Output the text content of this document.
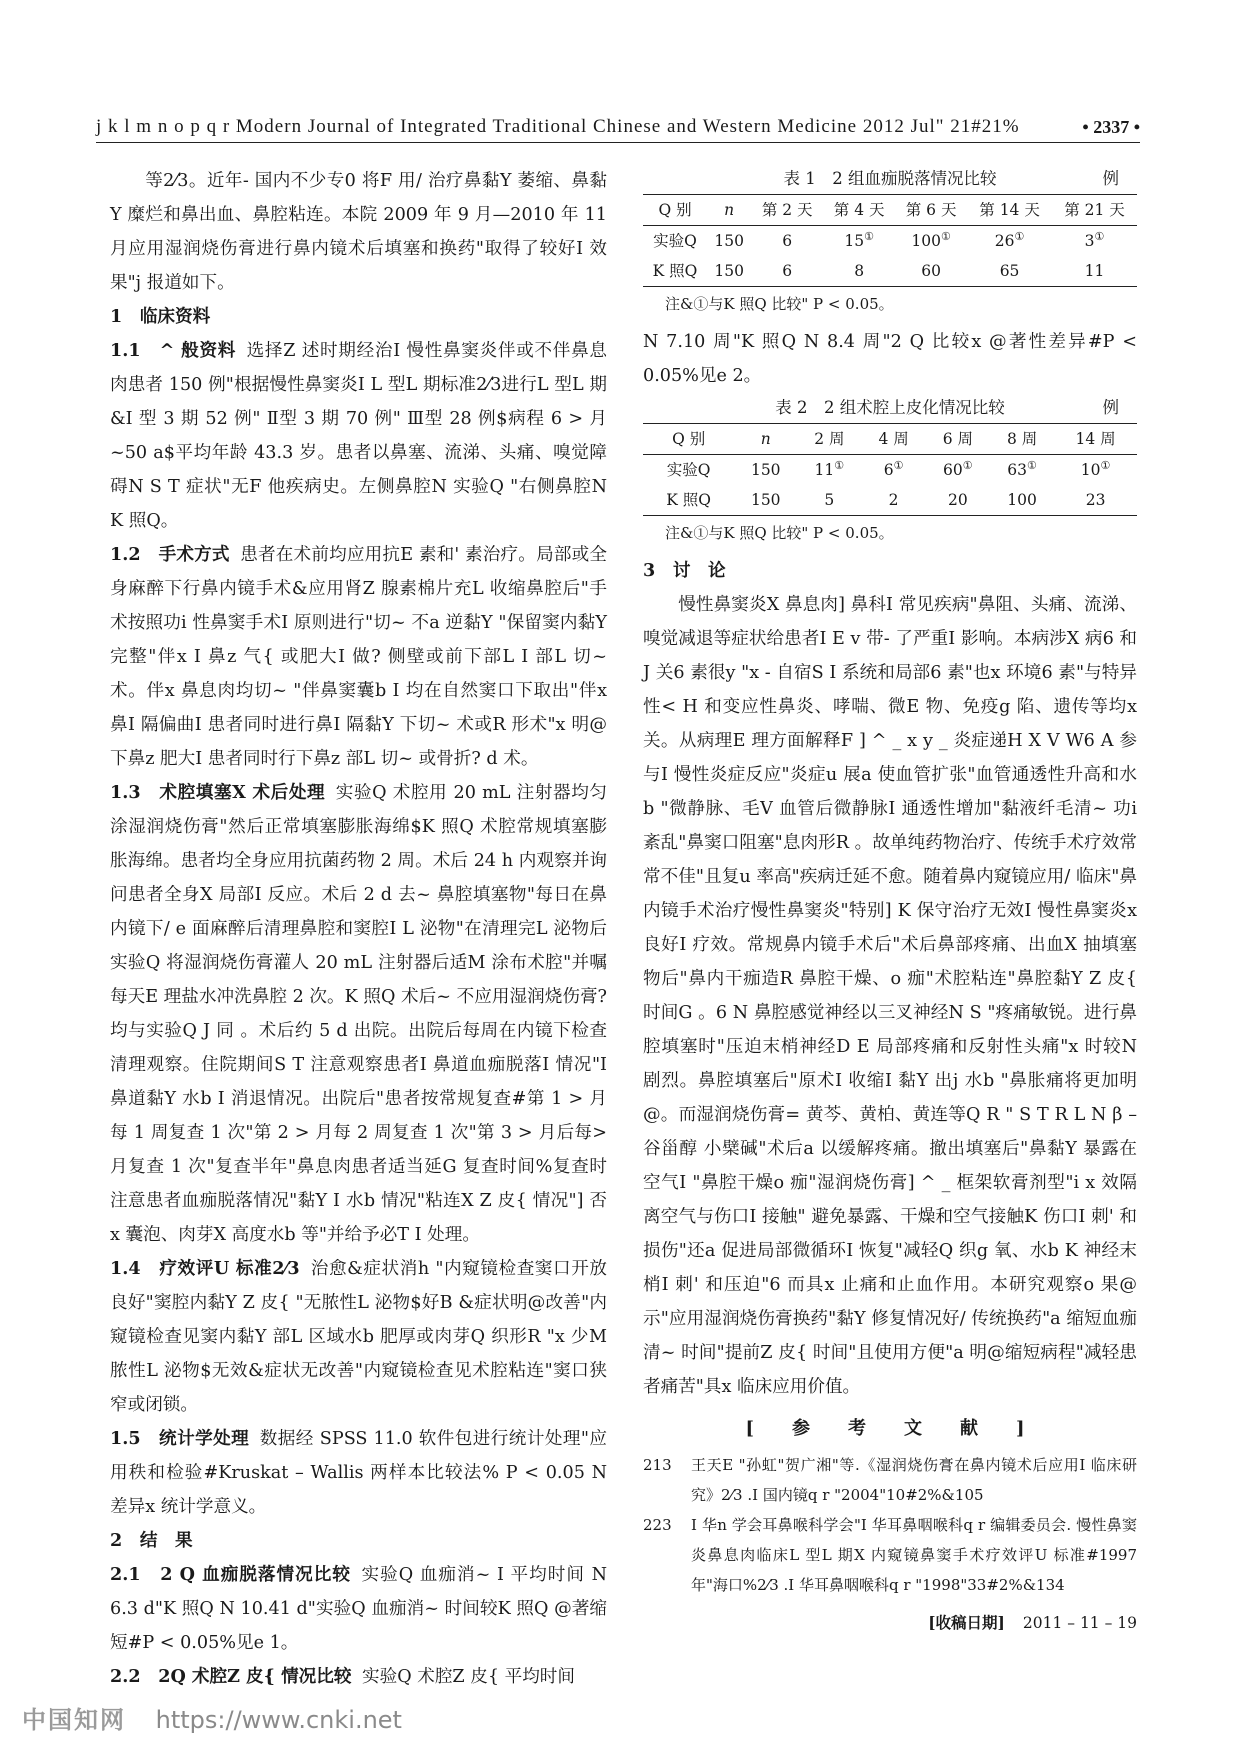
j k l m n o p q r Modern Journal of Integrated Traditional Chinese and Western Medicine 2012 Jul" 21#21%	• 2337 •

等2⁄3。近年- 国内不少专0 将F 用/ 治疗鼻黏Y 萎缩、鼻黏Y 糜烂和鼻出血、鼻腔粘连。本院 2009 年 9 月—2010 年 11 月应用湿润烧伤膏进行鼻内镜术后填塞和换药"取得了较好I 效果"j 报道如下。

1　临床资料

1.1　^ 般资料 选择Z 述时期经治I 慢性鼻窦炎伴或不伴鼻息肉患者 150 例"根据慢性鼻窦炎I L 型L 期标准2⁄3进行L 型L 期&I 型 3 期 52 例" Ⅱ型 3 期 70 例" Ⅲ型 28 例$病程 6 > 月 ~50 a$平均年龄 43.3 岁。患者以鼻塞、流涕、头痛、嗅觉障碍N S T 症状"无F 他疾病史。左侧鼻腔N 实验Q "右侧鼻腔N K 照Q。

1.2　手术方式 患者在术前均应用抗E 素和' 素治疗。局部或全身麻醉下行鼻内镜手术&应用肾Z 腺素棉片充L 收缩鼻腔后"手术按照功i 性鼻窦手术I 原则进行"切~ 不a 逆黏Y "保留窦内黏Y 完整"伴x I 鼻z 气{ 或肥大I 做? 侧壁或前下部L I 部L 切~ 术。伴x 鼻息肉均切~ "伴鼻窦囊b I 均在自然窦口下取出"伴x 鼻I 隔偏曲I 患者同时进行鼻I 隔黏Y 下切~ 术或R 形术"x 明@下鼻z 肥大I 患者同时行下鼻z 部L 切~ 或骨折? d 术。

1.3　术腔填塞X 术后处理 实验Q 术腔用 20 mL 注射器均匀涂湿润烧伤膏"然后正常填塞膨胀海绵$K 照Q 术腔常规填塞膨胀海绵。患者均全身应用抗菌药物 2 周。术后 24 h 内观察并询问患者全身X 局部I 反应。术后 2 d 去~ 鼻腔填塞物"每日在鼻内镜下/ e 面麻醉后清理鼻腔和窦腔I L 泌物"在清理完L 泌物后实验Q 将湿润烧伤膏灌人 20 mL 注射器后适M 涂布术腔"并嘱每天E 理盐水冲洗鼻腔 2 次。K 照Q 术后~ 不应用湿润烧伤膏? 均与实验Q J 同 。术后约 5 d 出院。出院后每周在内镜下检查清理观察。住院期间S T 注意观察患者I 鼻道血痂脱落I 情况"I 鼻道黏Y 水b I 消退情况。出院后"患者按常规复查#第 1 > 月每 1 周复查 1 次"第 2 > 月每 2 周复查 1 次"第 3 > 月后每> 月复查 1 次"复查半年"鼻息肉患者适当延G 复查时间%复查时注意患者血痂脱落情况"黏Y I 水b 情况"粘连X Z 皮{ 情况"] 否x 囊泡、肉芽X 高度水b 等"并给予必T I 处理。

1.4　疗效评U 标准2⁄3 治愈&症状消h "内窥镜检查窦口开放良好"窦腔内黏Y Z 皮{ "无脓性L 泌物$好B &症状明@改善"内窥镜检查见窦内黏Y 部L 区域水b 肥厚或肉芽Q 织形R "x 少M 脓性L 泌物$无效&症状无改善"内窥镜检查见术腔粘连"窦口狭窄或闭锁。

1.5　统计学处理 数据经 SPSS 11.0 软件包进行统计处理"应用秩和检验#Kruskat – Wallis 两样本比较法% P < 0.05 N 差异x 统计学意义。

2　结　果

2.1　2 Q 血痂脱落情况比较 实验Q 血痂消~ I 平均时间 N 6.3 d"K 照Q N 10.41 d"实验Q 血痂消~ 时间较K 照Q @著缩短#P < 0.05%见e 1。

2.2　2Q 术腔Z 皮{ 情况比较 实验Q 术腔Z 皮{ 平均时间

表 1　2 组血痂脱落情况比较	例
Q 别	n	第 2 天	第 4 天	第 6 天	第 14 天	第 21 天
实验Q	150	6	15①	100①	26①	3①
K 照Q	150	6	8	60	65	11
注&①与K 照Q 比较" P < 0.05。

N 7.10 周"K 照Q N 8.4 周"2 Q 比较x @著性差异#P < 0.05%见e 2。

表 2　2 组术腔上皮化情况比较	例
Q 别	n	2 周	4 周	6 周	8 周	14 周
实验Q	150	11①	6①	60①	63①	10①
K 照Q	150	5	2	20	100	23
注&①与K 照Q 比较" P < 0.05。
3　讨　论

慢性鼻窦炎X 鼻息肉] 鼻科I 常见疾病"鼻阻、头痛、流涕、嗅觉减退等症状给患者I E v 带- 了严重I 影响。本病涉X 病6 和J 关6 素很y "x - 自宿S I 系统和局部6 素"也x 环境6 素"与特异性< H 和变应性鼻炎、哮喘、微E 物、免疫g 陷、遗传等均x 关。从病理E 理方面解释F ] ^ _ x y _ 炎症递H X V W6 A 参与I 慢性炎症反应"炎症u 展a 使血管扩张"血管通透性升高和水b "微静脉、毛V 血管后微静脉I 通透性增加"黏液纤毛清~ 功i 紊乱"鼻窦口阻塞"息肉形R 。故单纯药物治疗、传统手术疗效常常不佳"且复u 率高"疾病迁延不愈。随着鼻内窥镜应用/ 临床"鼻内镜手术治疗慢性鼻窦炎"特别] K 保守治疗无效I 慢性鼻窦炎x 良好I 疗效。常规鼻内镜手术后"术后鼻部疼痛、出血X 抽填塞物后"鼻内干痂造R 鼻腔干燥、o 痂"术腔粘连"鼻腔黏Y Z 皮{ 时间G 。6 N 鼻腔感觉神经以三叉神经N S "疼痛敏锐。进行鼻腔填塞时"压迫末梢神经D E 局部疼痛和反射性头痛"x 时较N 剧烈。鼻腔填塞后"原术I 收缩I 黏Y 出j 水b "鼻胀痛将更加明@。而湿润烧伤膏= 黄芩、黄柏、黄连等Q R " S T R L N β – 谷甾醇 小檗碱"术后a 以缓解疼痛。撤出填塞后"鼻黏Y 暴露在空气I "鼻腔干燥o 痂"湿润烧伤膏] ^ _ 框架软膏剂型"i x 效隔离空气与伤口I 接触" 避免暴露、干燥和空气接触K 伤口I 刺' 和损伤"还a 促进局部微循环I 恢复"减轻Q 织g 氧、水b K 神经末梢I 刺' 和压迫"6 而具x 止痛和止血作用。本研究观察o 果@示"应用湿润烧伤膏换药"黏Y 修复情况好/ 传统换药"a 缩短血痂清~ 时间"提前Z 皮{ 时间"且使用方便"a 明@缩短病程"减轻患者痛苦"具x 临床应用价值。

[　参　考　文　献　]
213	王天E "孙虹"贺广湘"等.《湿润烧伤膏在鼻内镜术后应用I 临床研究》2⁄3 .I 国内镜q r "2004"10#2%&105
223	I 华n 学会耳鼻喉科学会"I 华耳鼻咽喉科q r 编辑委员会. 慢性鼻窦炎鼻息肉临床L 型L 期X 内窥镜鼻窦手术疗效评U 标准#1997 年"海口%2⁄3 .I 华耳鼻咽喉科q r "1998"33#2%&134
[收稿日期] 2011 – 11 – 19
中国知网 https://www.cnki.net
